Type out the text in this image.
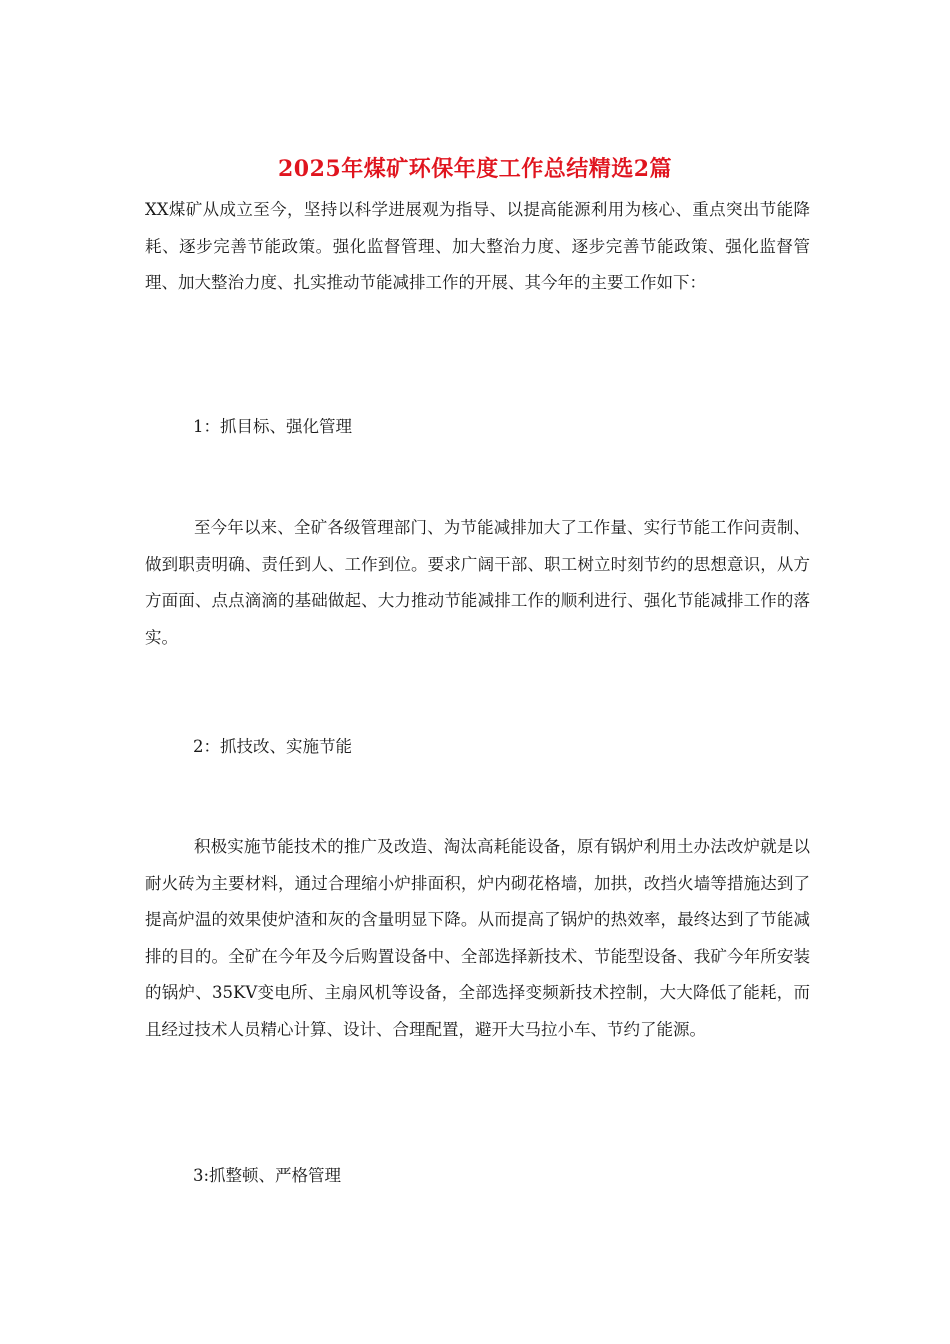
2025年煤矿环保年度工作总结精选2篇

XX煤矿从成立至今，坚持以科学进展观为指导、以提高能源利用为核心、重点突出节能降耗、逐步完善节能政策。强化监督管理、加大整治力度、逐步完善节能政策、强化监督管理、加大整治力度、扎实推动节能减排工作的开展、其今年的主要工作如下：

1：抓目标、强化管理

至今年以来、全矿各级管理部门、为节能减排加大了工作量、实行节能工作问责制、做到职责明确、责任到人、工作到位。要求广阔干部、职工树立时刻节约的思想意识，从方方面面、点点滴滴的基础做起、大力推动节能减排工作的顺利进行、强化节能减排工作的落实。

2：抓技改、实施节能

积极实施节能技术的推广及改造、淘汰高耗能设备，原有锅炉利用土办法改炉就是以耐火砖为主要材料，通过合理缩小炉排面积，炉内砌花格墙，加拱，改挡火墙等措施达到了提高炉温的效果使炉渣和灰的含量明显下降。从而提高了锅炉的热效率，最终达到了节能减排的目的。全矿在今年及今后购置设备中、全部选择新技术、节能型设备、我矿今年所安装的锅炉、35KV变电所、主扇风机等设备，全部选择变频新技术控制，大大降低了能耗，而且经过技术人员精心计算、设计、合理配置，避开大马拉小车、节约了能源。

3:抓整顿、严格管理
